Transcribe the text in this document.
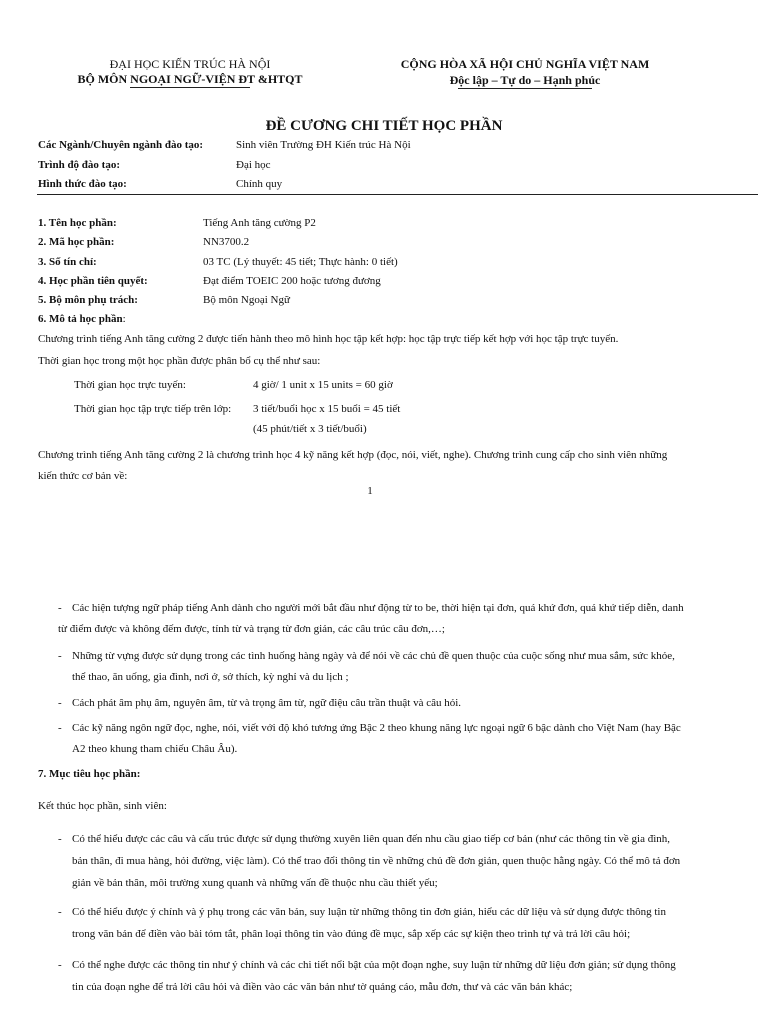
ĐẠI HỌC KIẾN TRÚC HÀ NỘI
BỘ MÔN NGOẠI NGỮ-VIỆN ĐT &HTQT
CỘNG HÒA XÃ HỘI CHỦ NGHĨA VIỆT NAM
Độc lập – Tự do – Hạnh phúc
ĐỀ CƯƠNG CHI TIẾT HỌC PHẦN
Các Ngành/Chuyên ngành đào tạo:	Sinh viên Trường ĐH Kiến trúc Hà Nội
Trình độ đào tạo:	Đại học
Hình thức đào tạo:	Chính quy
1. Tên học phần:	Tiếng Anh tăng cường P2
2. Mã học phần:	NN3700.2
3. Số tín chỉ:	03 TC (Lý thuyết: 45 tiết; Thực hành: 0 tiết)
4. Học phần tiên quyết:	Đạt điểm TOEIC 200 hoặc tương đương
5. Bộ môn phụ trách:	Bộ môn Ngoại Ngữ
6. Mô tả học phần:
Chương trình tiếng Anh tăng cường 2 được tiến hành theo mô hình học tập kết hợp: học tập trực tiếp kết hợp với học tập trực tuyến.
Thời gian học trong một học phần được phân bổ cụ thể như sau:
Thời gian học trực tuyến:	4 giờ/ 1 unit x 15 units = 60 giờ
Thời gian học tập trực tiếp trên lớp: 3 tiết/buổi học x 15 buổi = 45 tiết
(45 phút/tiết x 3 tiết/buổi)
Chương trình tiếng Anh tăng cường 2 là chương trình học 4 kỹ năng kết hợp (đọc, nói, viết, nghe). Chương trình cung cấp cho sinh viên những
kiến thức cơ bản về:
1
- Các hiện tượng ngữ pháp tiếng Anh dành cho người mới bắt đầu như động từ to be, thời hiện tại đơn, quá khứ đơn, quá khứ tiếp diễn, danh
từ điểm được và không đếm được, tính từ và trạng từ đơn giản, các câu trúc câu đơn,…;
- Những từ vựng được sử dụng trong các tình huống hàng ngày và để nói về các chủ đề quen thuộc của cuộc sống như mua sắm, sức khỏe,
thể thao, ăn uống, gia đình, nơi ở, sở thích, kỳ nghỉ và du lịch ;
- Cách phát âm phụ âm, nguyên âm, từ và trọng âm từ, ngữ điệu câu trần thuật và câu hỏi.
- Các kỹ năng ngôn ngữ đọc, nghe, nói, viết với độ khó tương ứng Bậc 2 theo khung năng lực ngoại ngữ 6 bậc dành cho Việt Nam (hay Bậc
A2 theo khung tham chiếu Châu Âu).
7. Mục tiêu học phần:
Kết thúc học phần, sinh viên:
- Có thể hiểu được các câu và cấu trúc được sử dụng thường xuyên liên quan đến nhu cầu giao tiếp cơ bản (như các thông tin về gia đình,
bản thân, đi mua hàng, hỏi đường, việc làm). Có thể trao đổi thông tin về những chủ đề đơn giản, quen thuộc hằng ngày. Có thể mô tả đơn
giản về bản thân, môi trường xung quanh và những vấn đề thuộc nhu cầu thiết yếu;
- Có thể hiểu được ý chính và ý phụ trong các văn bản, suy luận từ những thông tin đơn giản, hiểu các dữ liệu và sử dụng được thông tin
trong văn bản để điền vào bài tóm tắt, phân loại thông tin vào đúng đề mục, sắp xếp các sự kiện theo trình tự và trả lời câu hỏi;
- Có thể nghe được các thông tin như ý chính và các chi tiết nổi bật của một đoạn nghe, suy luận từ những dữ liệu đơn giản; sử dụng thông
tin của đoạn nghe để trả lời câu hỏi và điền vào các văn bản như tờ quảng cáo, mẫu đơn, thư và các văn bản khác;
